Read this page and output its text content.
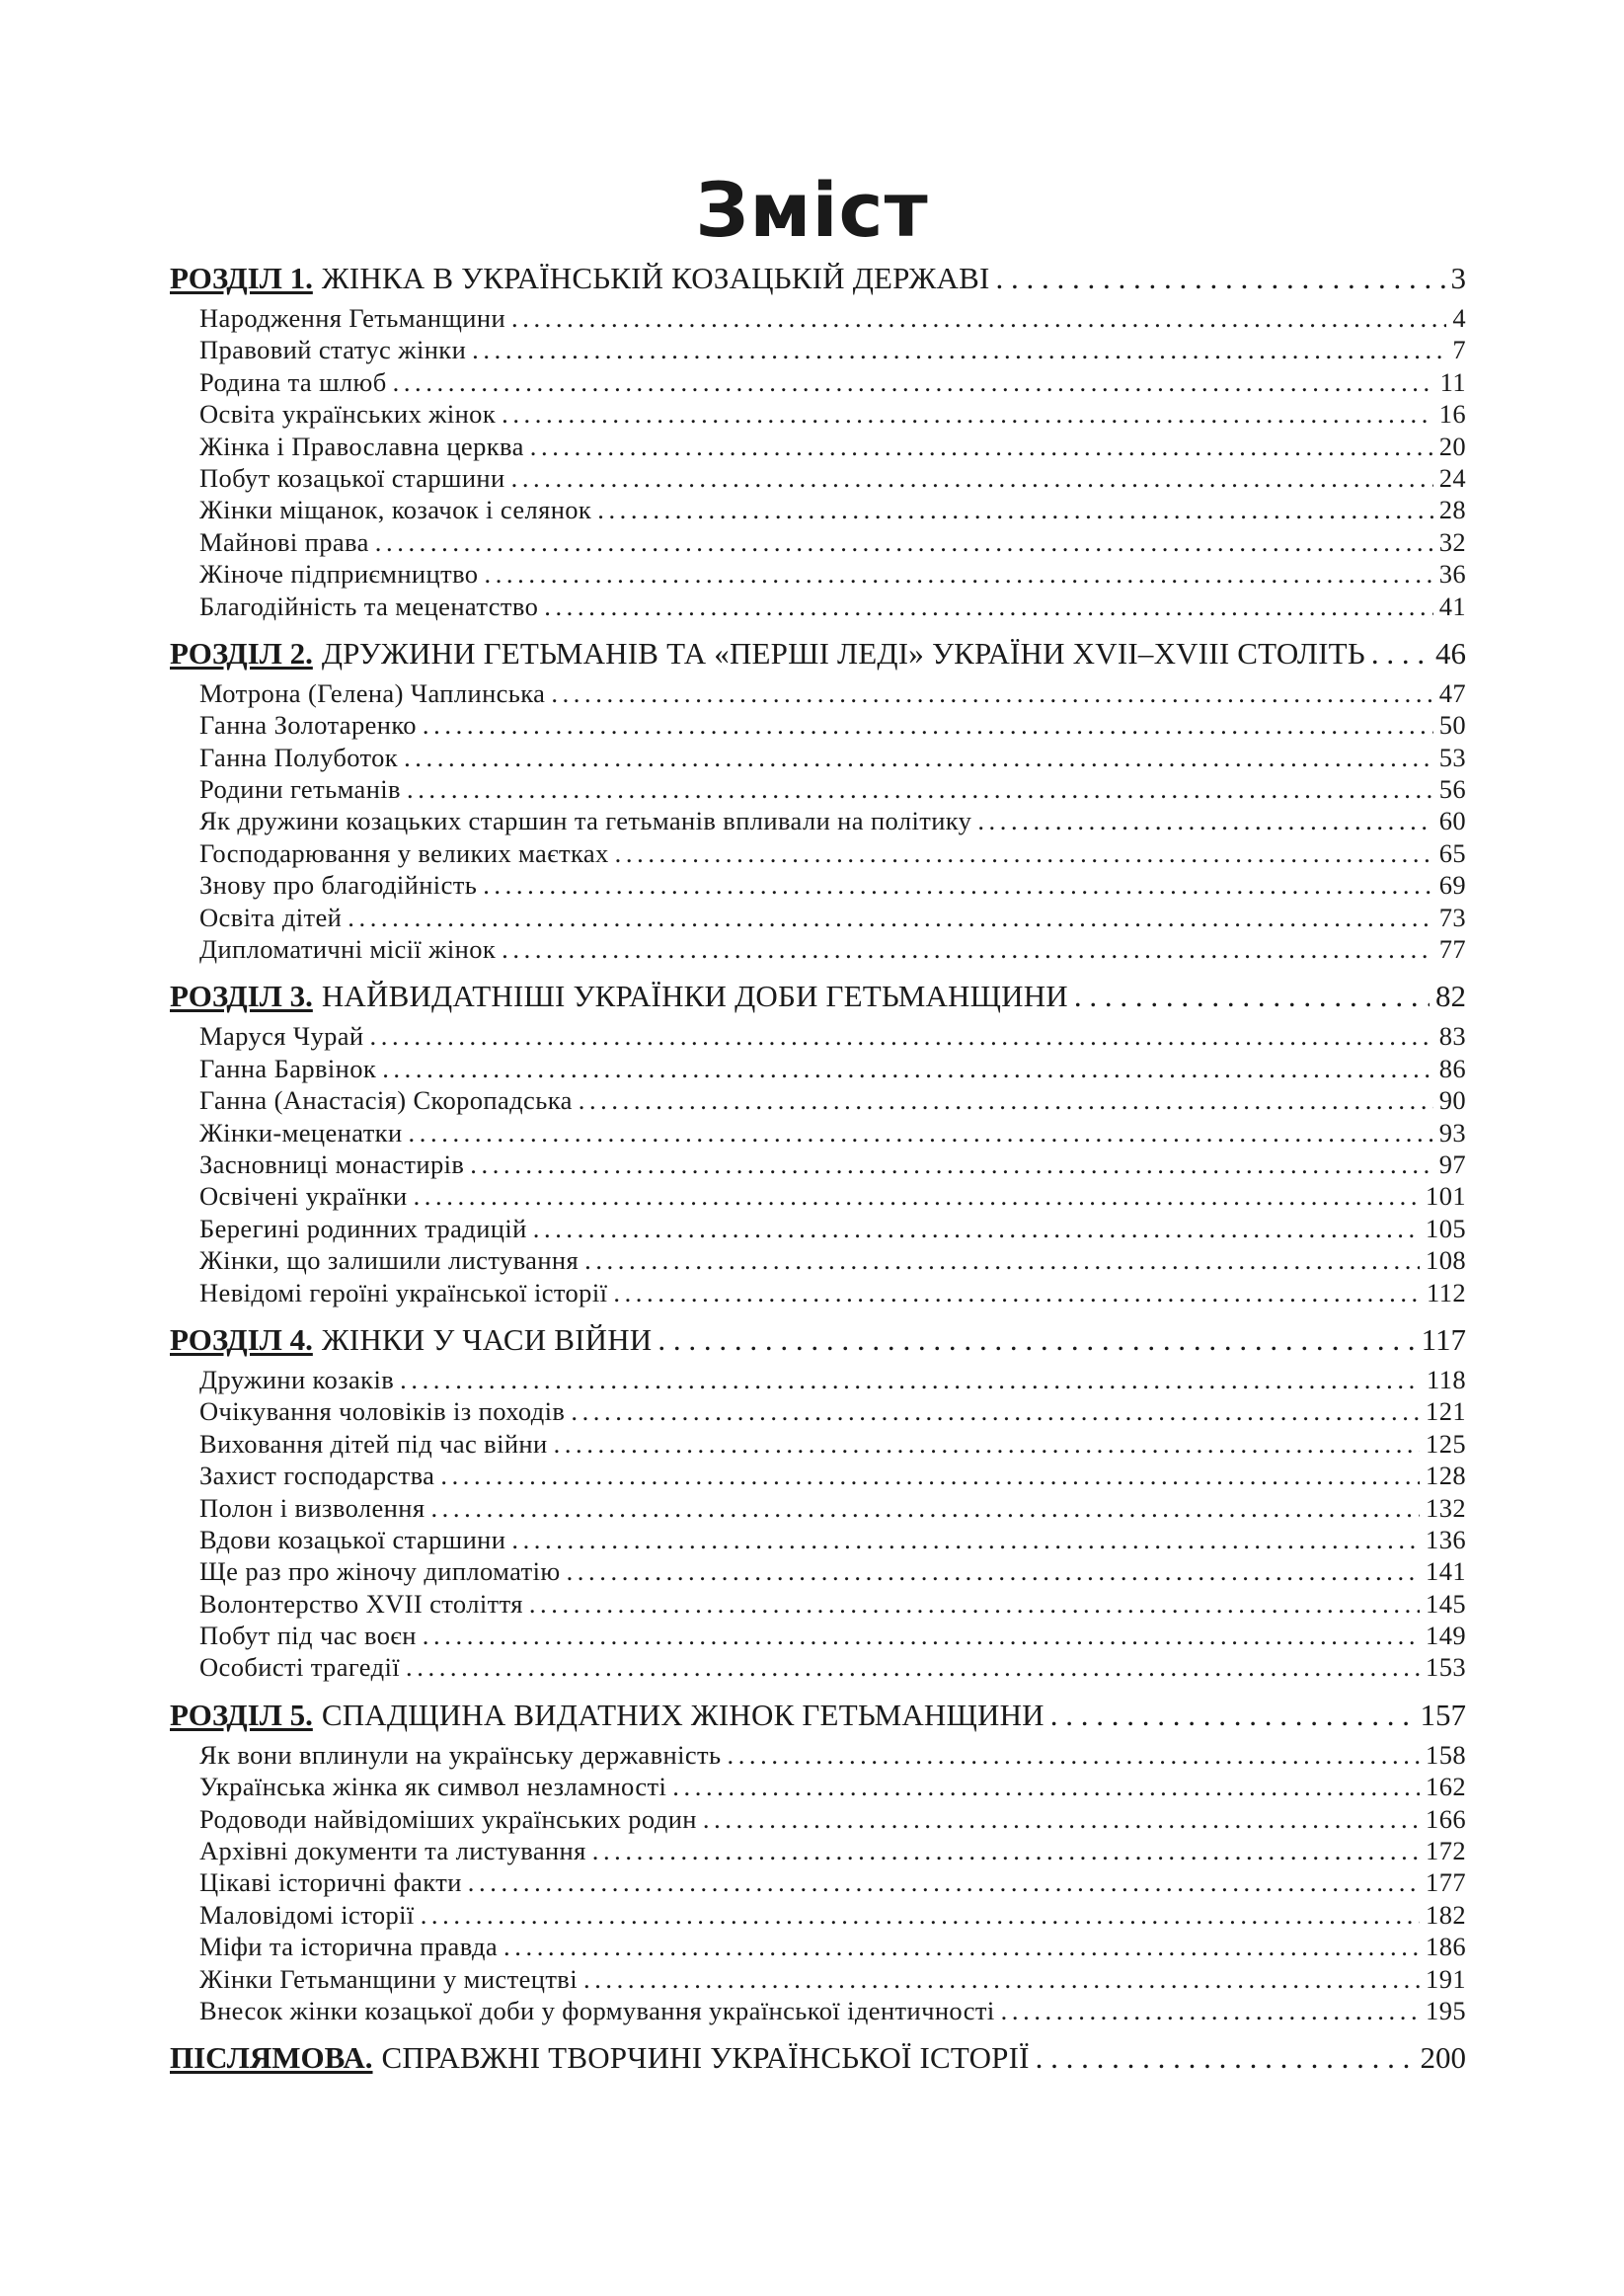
Зміст
РОЗДІЛ 1. ЖІНКА В УКРАЇНСЬКІЙ КОЗАЦЬКІЙ ДЕРЖАВІ . . .	3
Народження Гетьманщини .....	4
Правовий статус жінки .....	7
Родина та шлюб .....	11
Освіта українських жінок .....	16
Жінка і Православна церква .....	20
Побут козацької старшини .....	24
Жінки міщанок, козачок і селянок .....	28
Майнові права .....	32
Жіноче підприємництво .....	36
Благодійність та меценатство .....	41
РОЗДІЛ 2. ДРУЖИНИ ГЕТЬМАНІВ ТА «ПЕРШІ ЛЕДІ» УКРАЇНИ XVII–XVIII СТОЛІТЬ . . . 46
Мотрона (Гелена) Чаплинська .....	47
Ганна Золотаренко .....	50
Ганна Полуботок .....	53
Родини гетьманів .....	56
Як дружини козацьких старшин та гетьманів впливали на політику .....	60
Господарювання у великих маєтках .....	65
Знову про благодійність .....	69
Освіта дітей .....	73
Дипломатичні місії жінок .....	77
РОЗДІЛ 3. НАЙВИДАТНІШІ УКРАЇНКИ ДОБИ ГЕТЬМАНЩИНИ . . .	82
Маруся Чурай .....	83
Ганна Барвінок .....	86
Ганна (Анастасія) Скоропадська .....	90
Жінки-меценатки .....	93
Засновниці монастирів .....	97
Освічені українки .....	101
Берегині родинних традицій .....	105
Жінки, що залишили листування .....	108
Невідомі героїні української історії .....	112
РОЗДІЛ 4. ЖІНКИ У ЧАСИ ВІЙНИ . . .	117
Дружини козаків .....	118
Очікування чоловіків із походів .....	121
Виховання дітей під час війни .....	125
Захист господарства .....	128
Полон і визволення .....	132
Вдови козацької старшини .....	136
Ще раз про жіночу дипломатію .....	141
Волонтерство XVII століття .....	145
Побут під час воєн .....	149
Особисті трагедії .....	153
РОЗДІЛ 5. СПАДЩИНА ВИДАТНИХ ЖІНОК ГЕТЬМАНЩИНИ . . .	157
Як вони вплинули на українську державність .....	158
Українська жінка як символ незламності .....	162
Родоводи найвідоміших українських родин .....	166
Архівні документи та листування .....	172
Цікаві історичні факти .....	177
Маловідомі історії .....	182
Міфи та історична правда .....	186
Жінки Гетьманщини у мистецтві .....	191
Внесок жінки козацької доби у формування української ідентичності .....	195
ПІСЛЯМОВА. СПРАВЖНІ ТВОРЧИНІ УКРАЇНСЬКОЇ ІСТОРІЇ . . .	200
